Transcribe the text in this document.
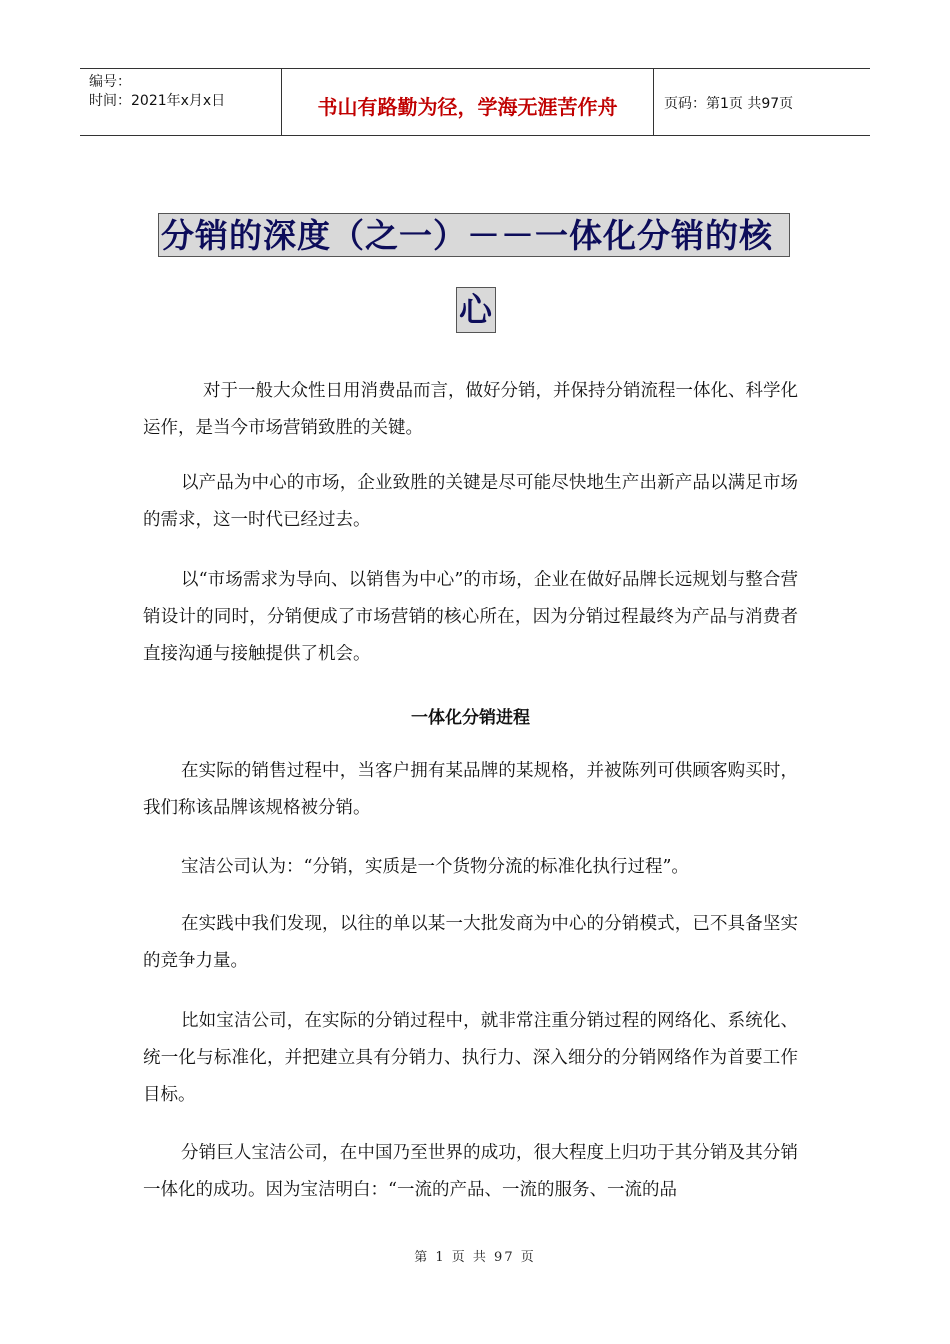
编号：
时间：2021年x月x日	书山有路勤为径，学海无涯苦作舟	页码：第1页 共97页
分销的深度（之一）－－一体化分销的核
心
对于一般大众性日用消费品而言，做好分销，并保持分销流程一体化、科学化运作，是当今市场营销致胜的关键。
以产品为中心的市场，企业致胜的关键是尽可能尽快地生产出新产品以满足市场的需求，这一时代已经过去。
以“市场需求为导向、以销售为中心”的市场，企业在做好品牌长远规划与整合营销设计的同时，分销便成了市场营销的核心所在，因为分销过程最终为产品与消费者直接沟通与接触提供了机会。
一体化分销进程
在实际的销售过程中，当客户拥有某品牌的某规格，并被陈列可供顾客购买时，我们称该品牌该规格被分销。
宝洁公司认为：“分销，实质是一个货物分流的标准化执行过程”。
在实践中我们发现，以往的单以某一大批发商为中心的分销模式，已不具备坚实的竞争力量。
比如宝洁公司，在实际的分销过程中，就非常注重分销过程的网络化、系统化、统一化与标准化，并把建立具有分销力、执行力、深入细分的分销网络作为首要工作目标。
分销巨人宝洁公司，在中国乃至世界的成功，很大程度上归功于其分销及其分销一体化的成功。因为宝洁明白：“一流的产品、一流的服务、一流的品
第 1 页 共 97 页
